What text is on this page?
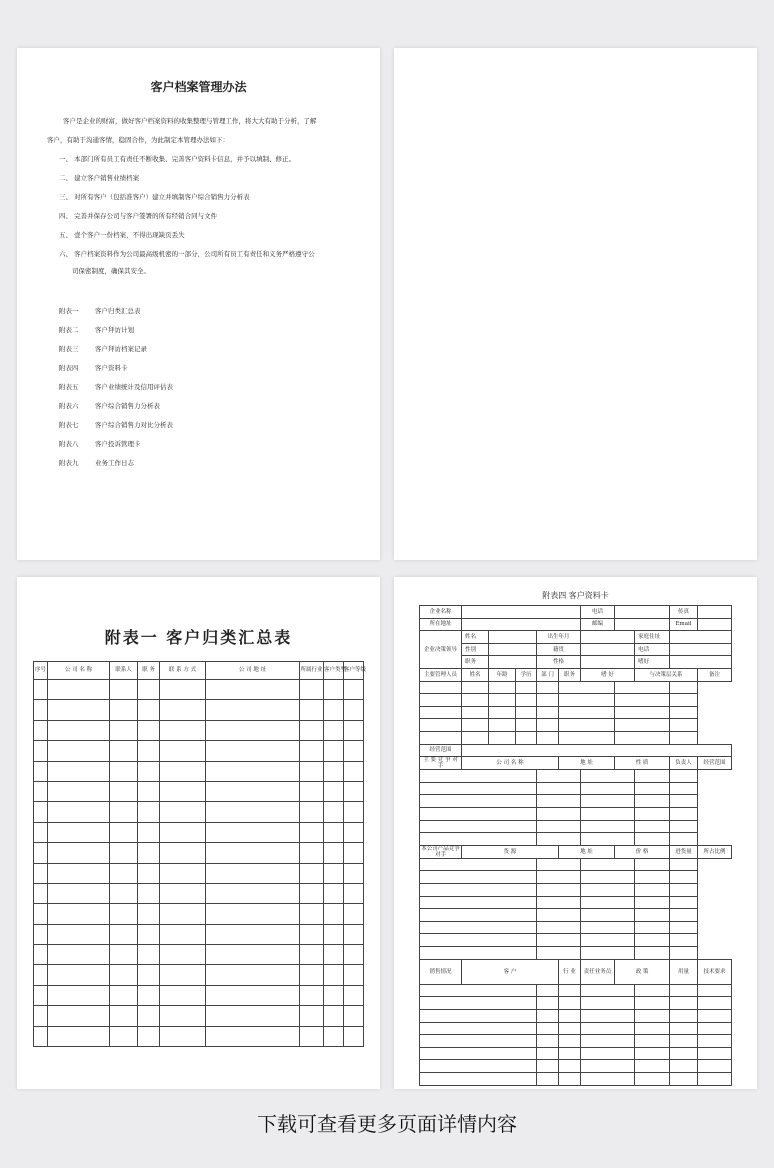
客户档案管理办法
客户是企业的财富，做好客户档案资料的收集整理与管理工作，将大大有助于分析，了解
客户，有助于沟通客情，稳固合作，为此制定本管理办法如下：
一、 本部门所有员工有责任不断收集、完善客户资料卡信息，并予以填制、修正。
二、 建立客户销售业绩档案
三、 对所有客户（包括准客户）建立并填制客户综合销售力分析表
四、 完善并保存公司与客户签署的所有经销合同与文件
五、 壹个客户一份档案，不得出现缺页丢失
六、 客户档案资料作为公司最高级机密的一部分，公司所有员工有责任和义务严格遵守公
司保密制度，确保其安全。
附表一	客户归类汇总表
附表二	客户拜访计划
附表三	客户拜访档案记录
附表四	客户资料卡
附表五	客户业绩统计及信用评估表
附表六	客户综合销售力分析表
附表七	客户综合销售力对比分析表
附表八	客户投诉管理卡
附表九	业务工作日志
附表一 客户归类汇总表
序号	公 司 名 称	联系人	职 务	联 系 方 式	公 司 地 址	所属行业	客户类型	客户等级

附表四 客户资料卡
企业名称						电话			传真		
所在地址						邮编			Email		
企业决策领导	姓名			出生年月				家庭住址			
	性别			籍贯				电话			
	职务			性格				嗜好			
主要管理人员	姓名	年龄	学历	部 门	职务	嗜 好		与决策层关系		备注	

经营范围											
主 要 竞 争 对 手	公 司 名 称				地 址		性 质		负责人	经营范围	

本公司产品竞争对手	货 源				地 址		价 格		进货量	所占比例	

销售情况	客 户				行 业	责任业务员	政 策		用量	技术要求	

下载可查看更多页面详情内容
